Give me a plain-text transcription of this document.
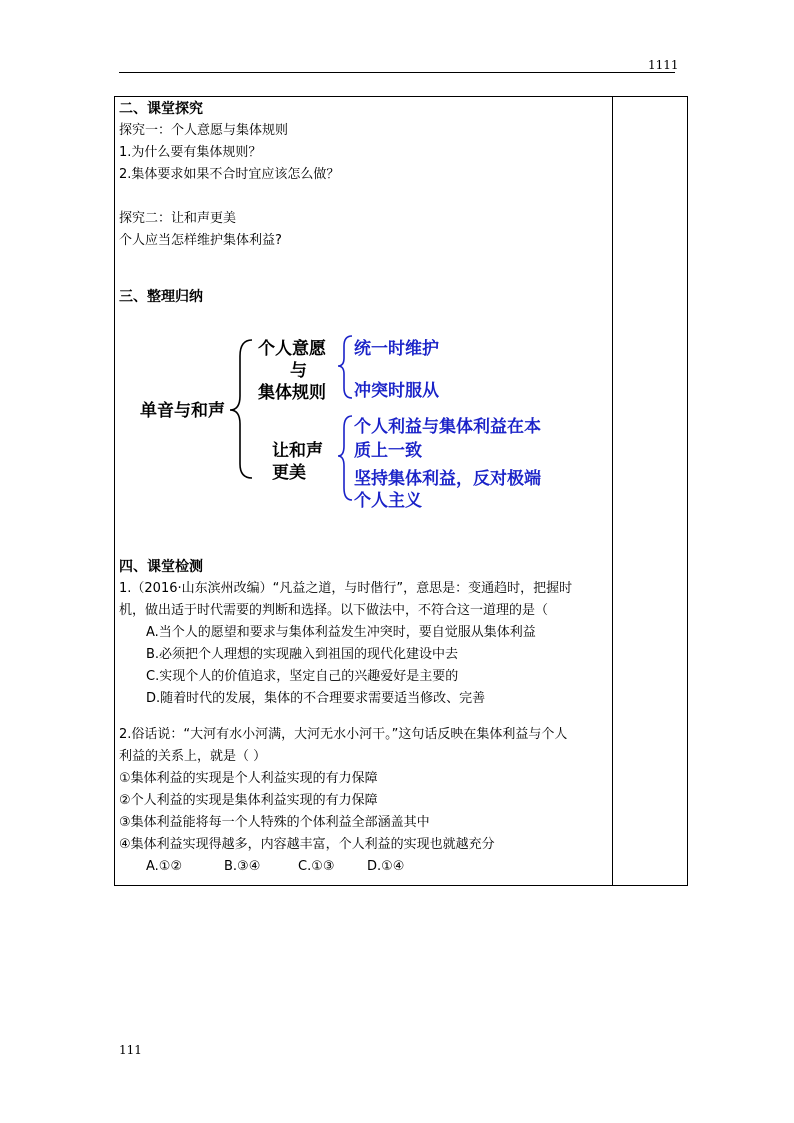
1111
二、课堂探究
探究一：个人意愿与集体规则
1.为什么要有集体规则？
2.集体要求如果不合时宜应该怎么做？
探究二：让和声更美
个人应当怎样维护集体利益?
三、整理归纳
四、课堂检测
1.（2016·山东滨州改编）“凡益之道，与时偕行”，意思是：变通趋时，把握时
机，做出适于时代需要的判断和选择。以下做法中，不符合这一道理的是（
A.当个人的愿望和要求与集体利益发生冲突时，要自觉服从集体利益
B.必须把个人理想的实现融入到祖国的现代化建设中去
C.实现个人的价值追求，坚定自己的兴趣爱好是主要的
D.随着时代的发展，集体的不合理要求需要适当修改、完善
2.俗话说：“大河有水小河满，大河无水小河干。”这句话反映在集体利益与个人
利益的关系上，就是（ ）
①集体利益的实现是个人利益实现的有力保障
②个人利益的实现是集体利益实现的有力保障
③集体利益能将每一个人特殊的个体利益全部涵盖其中
④集体利益实现得越多，内容越丰富，个人利益的实现也就越充分
A.①②	B.③④	C.①③ D.①④
单音与和声
个人意愿
与
集体规则
让和声
更美
统一时维护
冲突时服从
个人利益与集体利益在本
质上一致
坚持集体利益，反对极端
个人主义
111
